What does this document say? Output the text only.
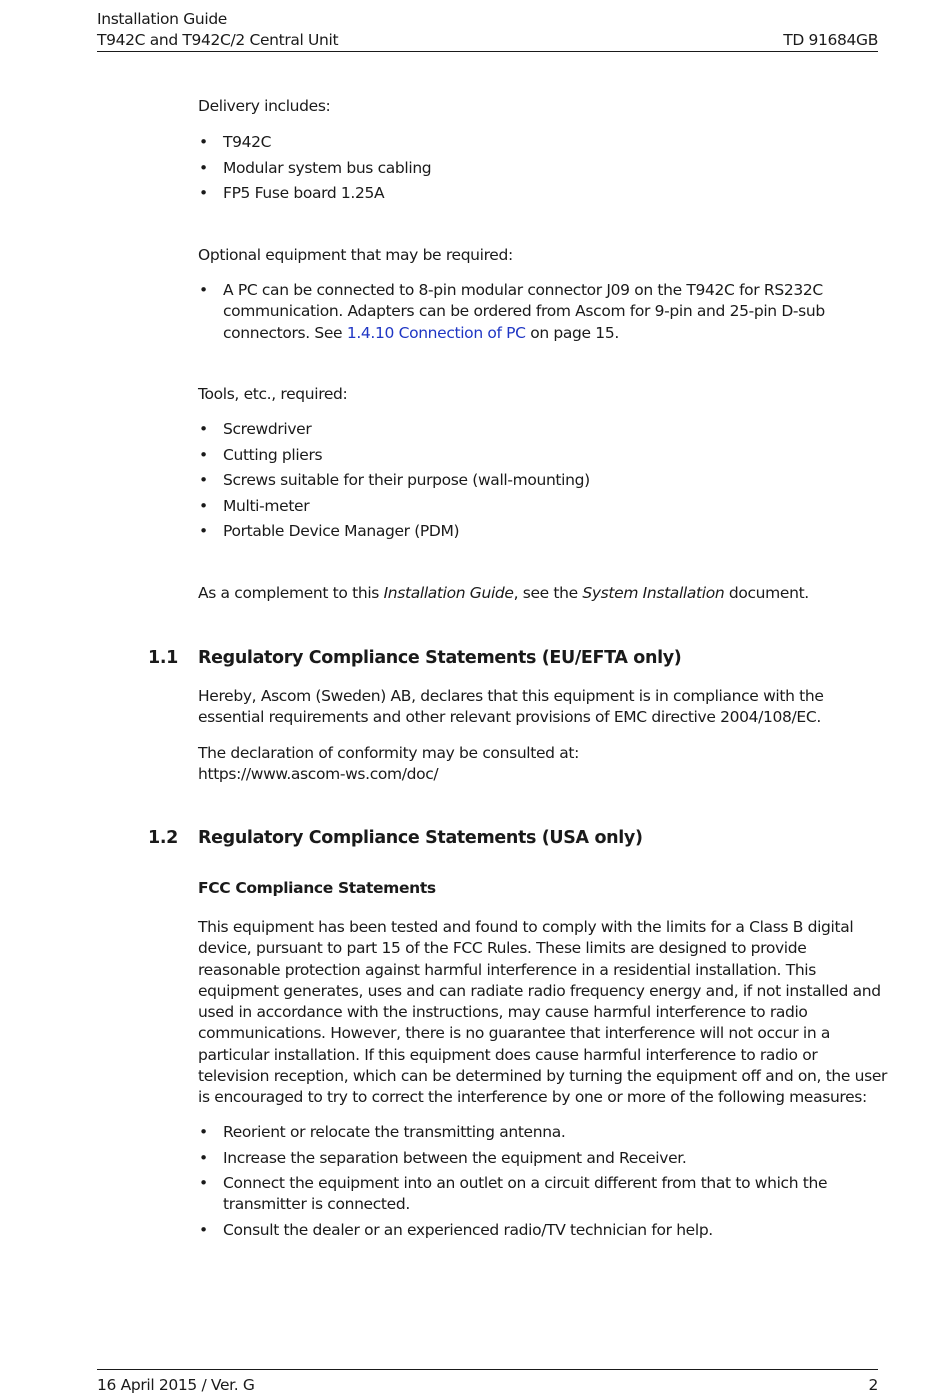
Installation Guide
T942C and T942C/2 Central Unit	TD 91684GB

Delivery includes:

• T942C
• Modular system bus cabling
• FP5 Fuse board 1.25A

Optional equipment that may be required:

• A PC can be connected to 8-pin modular connector J09 on the T942C for RS232C communication. Adapters can be ordered from Ascom for 9-pin and 25-pin D-sub connectors. See 1.4.10 Connection of PC on page 15.

Tools, etc., required:

• Screwdriver
• Cutting pliers
• Screws suitable for their purpose (wall-mounting)
• Multi-meter
• Portable Device Manager (PDM)

As a complement to this Installation Guide, see the System Installation document.

1.1 Regulatory Compliance Statements (EU/EFTA only)

Hereby, Ascom (Sweden) AB, declares that this equipment is in compliance with the essential requirements and other relevant provisions of EMC directive 2004/108/EC.

The declaration of conformity may be consulted at:
https://www.ascom-ws.com/doc/

1.2 Regulatory Compliance Statements (USA only)
FCC Compliance Statements

This equipment has been tested and found to comply with the limits for a Class B digital device, pursuant to part 15 of the FCC Rules. These limits are designed to provide reasonable protection against harmful interference in a residential installation. This equipment generates, uses and can radiate radio frequency energy and, if not installed and used in accordance with the instructions, may cause harmful interference to radio communications. However, there is no guarantee that interference will not occur in a particular installation. If this equipment does cause harmful interference to radio or television reception, which can be determined by turning the equipment off and on, the user is encouraged to try to correct the interference by one or more of the following measures:

• Reorient or relocate the transmitting antenna.
• Increase the separation between the equipment and Receiver.
• Connect the equipment into an outlet on a circuit different from that to which the transmitter is connected.
• Consult the dealer or an experienced radio/TV technician for help.
16 April 2015 / Ver. G	2
